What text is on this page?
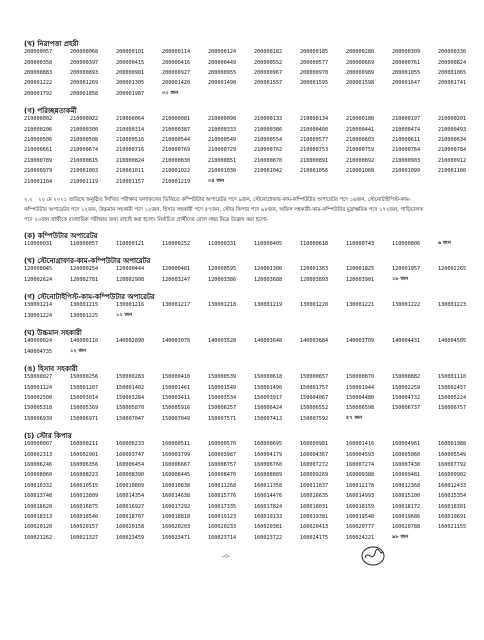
(খ) নিরাপত্তা প্রহরী
200000057	200000068	200000101	200000114	200000124	200000182	200000185	200000280	200000309	200000330
200000358	200000397	200000415	200000416	200000449	200000552	200000577	200000669	200000761	200000824
200000883	200000893	200000901	200000927	200000955	200000967	200000978	200000989	200001055	200001065
200001222	200001269	200001305	200001420	200001490	200001557	200001595	200001598	200001647	200001741
200001792	200001858	200001987	৩০ জন
(গ) পরিচ্ছন্নতাকর্মী
210000002	210000022	210000064	210000081	210000090	210000133	210000134	210000180	210000197	210000201
210000206	210000300	210000314	210000387	210000333	210000386	210000400	210000441	210000474	210000493
210000506	210000508	210000516	210000544	210000549	210000554	210000577	210000603	210000611	210000634
210000661	210000674	210000716	210000769	210000729	210000762	210000753	210000759	210000764	210000784
210000789	210000815	210000824	210000830	210000851	210000870	210000891	210000892	210000903	210000912
210000979	210001003	210001011	210001022	210001030	210001042	210001056	210001068	210001099	210001100
210001104	210001119	210001157	210001219	৩৪ জন
২.২ ২০ মে ২০২১ তারিখে অনুষ্ঠিত লিখিত পরীক্ষার ফলাফলের ভিত্তিতে কম্পিউটার অপারেটর পদে ৯জন, স্টেনোগ্রাফার-কাম-কম্পিউটার অপারেটর পদে ১৬জন, স্টেনোটাইপিস্ট-কাম-কম্পিউটার অপারেটর পদে ১২জন, উচ্চমান সহকারী পদে ১২জন, হিসাব সহকারী পদে ৫৭জন, স্টোর কিপার পদে ৯৮জন, অফিস সহকারী-কাম-কম্পিউটার মুদ্রাক্ষরিক পদে ১৭২জন, গাড়িচালক পদে ২০জন প্রার্থীকে ব্যবহারিক পরীক্ষার জন্য বাছাই করা হলো। নির্বাচিত প্রার্থীদের রোল নম্বর নিম্নে উল্লেখ করা হলো-
(ক) কম্পিউটার অপারেটর
110000031	110000057	110000121	110000252	110000331	110000405	110000618	110000743	110000806	৯ জন
(খ) স্টেনোগ্রাফার-কাম-কম্পিউটার অপারেটর
120000045	120000254	120000444	120000481	120000595	120001300	120001363	120001825	120001957	120002265
120002624	120002781	120002908	120003247	120003386	120003688	120003893	120003901	১৮ জন
(গ) স্টেনোটাইপিস্ট-কাম-কম্পিউটার অপারেটর
130001214	130001215	130001216	130001217	130001218	130001219	130001220	130001221	130001222	130001223
130001224	130001225	১২ জন
(ঘ) উচ্চমান সহকারী
140000024	140000110	140002890	140003078	140003528	140003648	140003684	140003709	140004431	140004505
140004735	১২ জন
(ঙ) হিসাব সহকারী
150000027	150000256	150000283	150000410	150000539	150000618	150000657	150000870	150000882	150001110
150001124	150001207	150001402	150001461	150001549	150001490	150001757	150001944	150002259	150002457
150002500	150003014	150003284	150003411	150003534	150003917	150004067	150004480	150004732	150005224
150005318	150005369	150005870	150005916	150006257	150006424	150006552	150006598	150006737	150006757
150006939	150006971	150007047	150007049	150007571	150007413	150007592	৫৭ জন
(চ) স্টোর কিপার
160000007	160000211	160000233	160000511	160000570	160000695	160000981	160001416	160004961	160001988
160002313	160002901	160003747	160003799	160003987	160004179	160004367	160004593	160005060	160005549
160006246	160006356	160006454	160006667	160006757	160006760	160007272	160007274	160007438	160007792
160008060	160008223	160008390	160008445	160008470	160008889	160009269	160009388	160009481	160009902
160010332	160010515	160010809	160010838	160011268	160011358	160011837	160012178	160012368	160012433
160013748	160013809	160014354	160014638	160015776	160014476	160016635	160014993	160015100	160015354
160016620	160016875	160016927	160017292	160017335	160017824	160018031	160018159	160018172	160018301
160018313	160018540	160018707	160018818	160019123	160019133	160019381	160019540	160019686	160019691
160020120	160020157	160020158	160020203	160020233	160020381	160020413	160020777	160020788	160021155
160021262	160021327	160023459	160023471	160023714	160023722	160024175	160024221	৯৮ জন
-৩-
